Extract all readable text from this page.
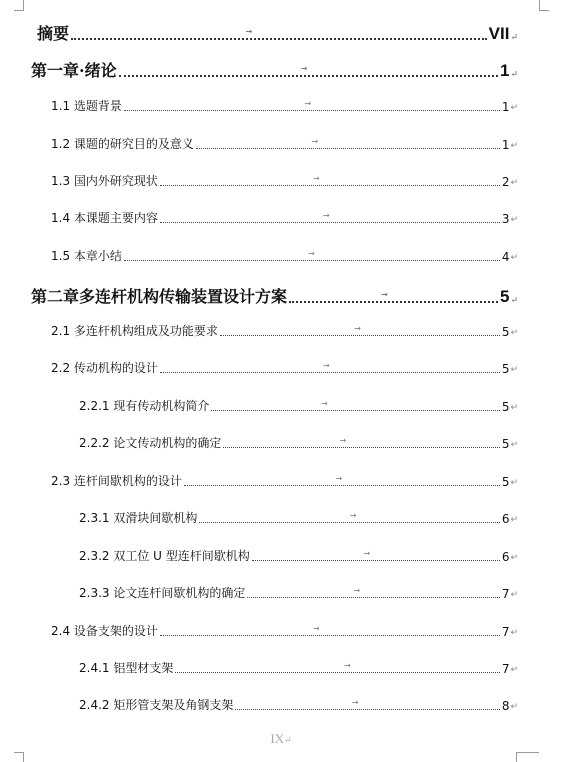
摘要	→	VII ↵
第一章·绪论	→	1 ↵
1.1 选题背景	→	1 ↵
1.2 课题的研究目的及意义	→	1 ↵
1.3 国内外研究现状	→	2 ↵
1.4 本课题主要内容	→	3 ↵
1.5 本章小结	→	4 ↵
第二章多连杆机构传输装置设计方案	→	5 ↵
2.1 多连杆机构组成及功能要求	→	5 ↵
2.2 传动机构的设计	→	5 ↵
2.2.1 现有传动机构简介	→	5 ↵
2.2.2 论文传动机构的确定	→	5 ↵
2.3 连杆间歇机构的设计	→	5 ↵
2.3.1 双滑块间歇机构	→	6 ↵
2.3.2 双工位 U 型连杆间歇机构	→	6 ↵
2.3.3 论文连杆间歇机构的确定	→	7 ↵
2.4 设备支架的设计	→	7 ↵
2.4.1 铝型材支架	→	7 ↵
2.4.2 矩形管支架及角钢支架	→	8 ↵
IX↵
